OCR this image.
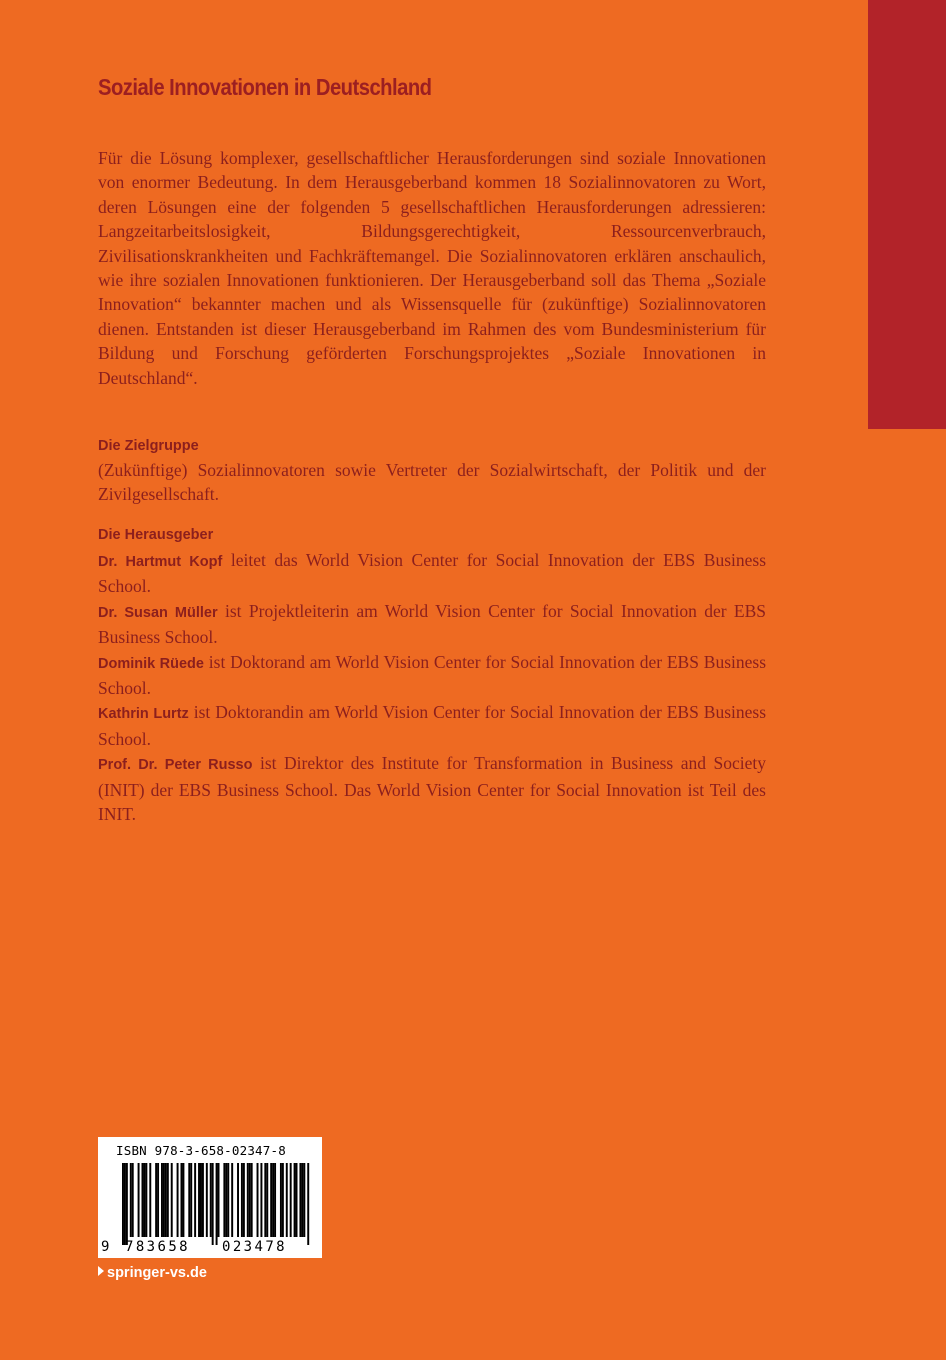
Soziale Innovationen in Deutschland

Für die Lösung komplexer, gesellschaftlicher Herausforderungen sind soziale Innovationen von enormer Bedeutung. In dem Herausgeberband kommen 18 Sozialinnovatoren zu Wort, deren Lösungen eine der folgenden 5 gesellschaftlichen Herausforderungen adressieren: Langzeitarbeitslosigkeit, Bildungsgerechtigkeit, Ressourcenverbrauch, Zivilisationskrankheiten und Fachkräftemangel. Die Sozialinnovatoren erklären anschaulich, wie ihre sozialen Innovationen funktionieren. Der Herausgeberband soll das Thema „Soziale Innovation“ bekannter machen und als Wissensquelle für (zukünftige) Sozialinnovatoren dienen. Entstanden ist dieser Herausgeberband im Rahmen des vom Bundesministerium für Bildung und Forschung geförderten Forschungsprojektes „Soziale Innovationen in Deutschland“.

Die Zielgruppe

(Zukünftige) Sozialinnovatoren sowie Vertreter der Sozialwirtschaft, der Politik und der Zivilgesellschaft.

Die Herausgeber
Dr. Hartmut Kopf leitet das World Vision Center for Social Innovation der EBS Business School.
Dr. Susan Müller ist Projektleiterin am World Vision Center for Social Innovation der EBS Business School.
Dominik Rüede ist Doktorand am World Vision Center for Social Innovation der EBS Business School.
Kathrin Lurtz ist Doktorandin am World Vision Center for Social Innovation der EBS Business School.
Prof. Dr. Peter Russo ist Direktor des Institute for Transformation in Business and Society (INIT) der EBS Business School. Das World Vision Center for Social Innovation ist Teil des INIT.
ISBN 978-3-658-02347-8
9 783658 023478

springer-vs.de
